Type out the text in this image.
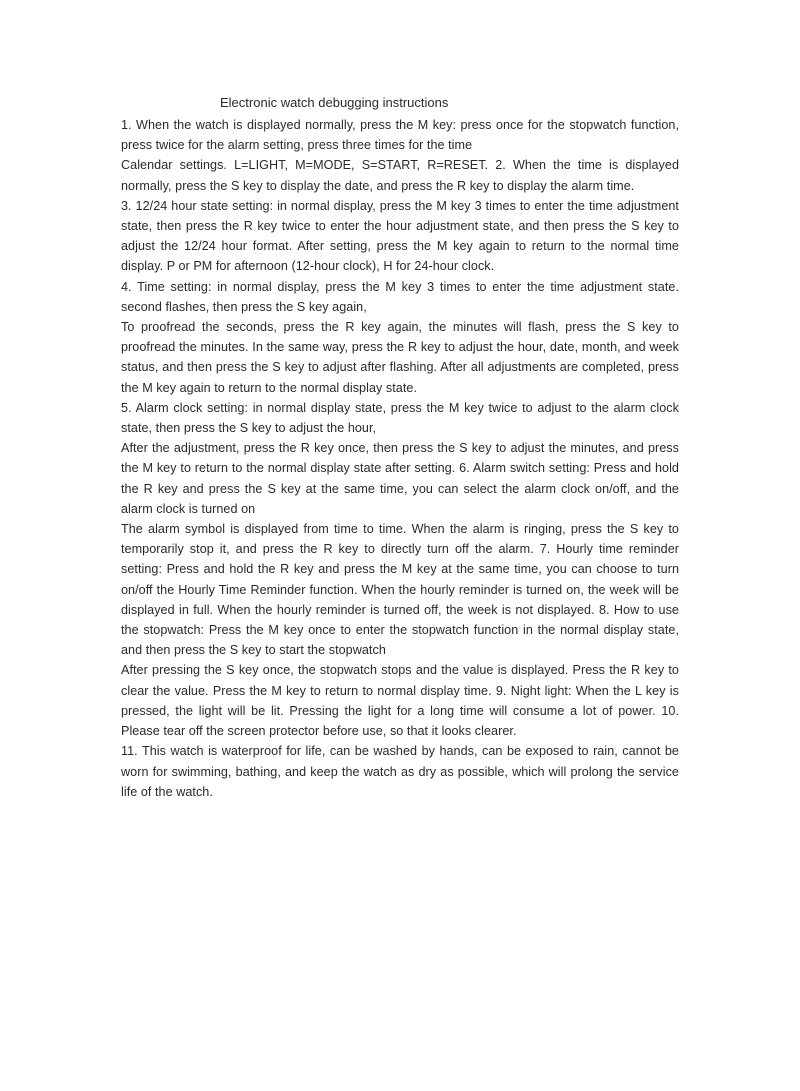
Electronic watch debugging instructions

1. When the watch is displayed normally, press the M key: press once for the stopwatch function, press twice for the alarm setting, press three times for the time

Calendar settings. L=LIGHT, M=MODE, S=START, R=RESET. 2. When the time is displayed normally, press the S key to display the date, and press the R key to display the alarm time.

3. 12/24 hour state setting: in normal display, press the M key 3 times to enter the time adjustment state, then press the R key twice to enter the hour adjustment state, and then press the S key to adjust the 12/24 hour format. After setting, press the M key again to return to the normal time display. P or PM for afternoon (12-hour clock), H for 24-hour clock.

4. Time setting: in normal display, press the M key 3 times to enter the time adjustment state. second flashes, then press the S key again,

To proofread the seconds, press the R key again, the minutes will flash, press the S key to proofread the minutes. In the same way, press the R key to adjust the hour, date, month, and week status, and then press the S key to adjust after flashing. After all adjustments are completed, press the M key again to return to the normal display state.

5. Alarm clock setting: in normal display state, press the M key twice to adjust to the alarm clock state, then press the S key to adjust the hour,

After the adjustment, press the R key once, then press the S key to adjust the minutes, and press the M key to return to the normal display state after setting. 6. Alarm switch setting: Press and hold the R key and press the S key at the same time, you can select the alarm clock on/off, and the alarm clock is turned on

The alarm symbol is displayed from time to time. When the alarm is ringing, press the S key to temporarily stop it, and press the R key to directly turn off the alarm. 7. Hourly time reminder setting: Press and hold the R key and press the M key at the same time, you can choose to turn on/off the Hourly Time Reminder function. When the hourly reminder is turned on, the week will be displayed in full. When the hourly reminder is turned off, the week is not displayed. 8. How to use the stopwatch: Press the M key once to enter the stopwatch function in the normal display state, and then press the S key to start the stopwatch

After pressing the S key once, the stopwatch stops and the value is displayed. Press the R key to clear the value. Press the M key to return to normal display time. 9. Night light: When the L key is pressed, the light will be lit. Pressing the light for a long time will consume a lot of power. 10. Please tear off the screen protector before use, so that it looks clearer.

11. This watch is waterproof for life, can be washed by hands, can be exposed to rain, cannot be worn for swimming, bathing, and keep the watch as dry as possible, which will prolong the service life of the watch.
